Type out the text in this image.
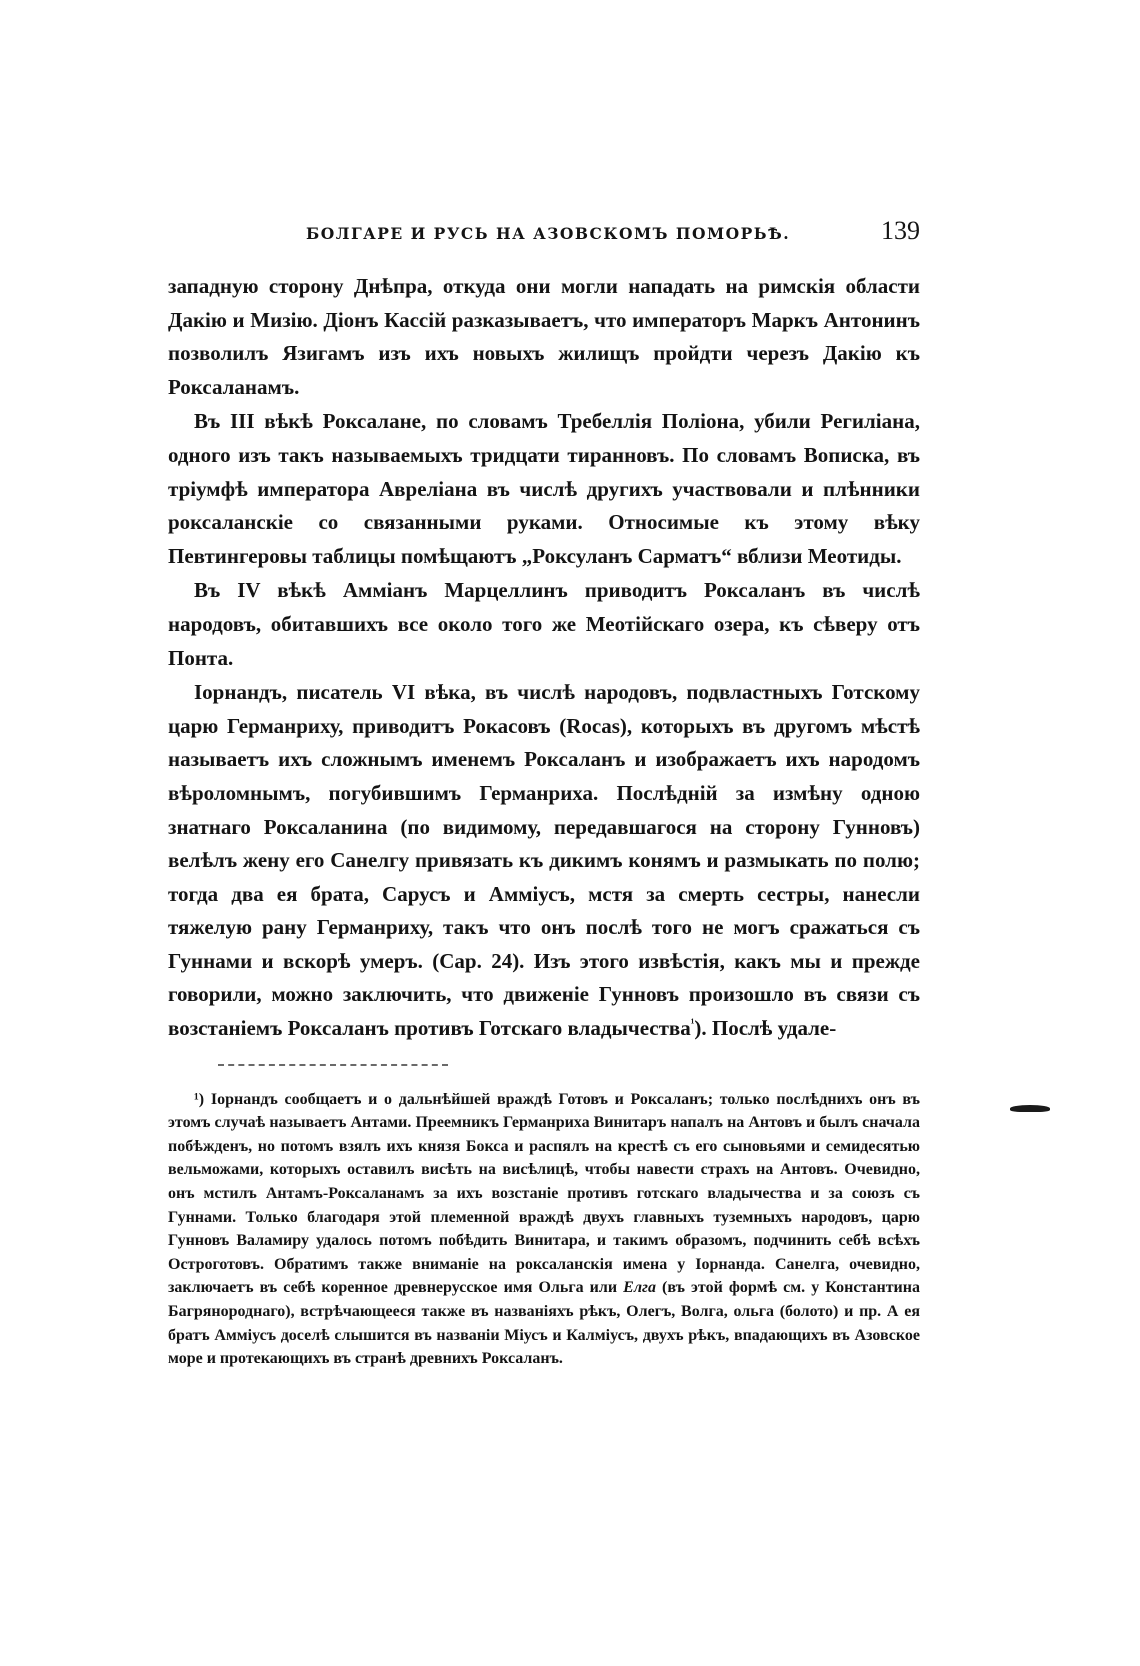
БОЛГАРЕ И РУСЬ НА АЗОВСКОМЪ ПОМОРЬѢ.	139

западную сторону Днѣпра, откуда они могли нападать на римскія области Дакію и Мизію. Діонъ Кассій разказываетъ, что императоръ Маркъ Антонинъ позволилъ Язигамъ изъ ихъ новыхъ жилищъ пройдти черезъ Дакію къ Роксаланамъ.

Въ III вѣкѣ Роксалане, по словамъ Требеллія Поліона, убили Региліана, одного изъ такъ называемыхъ тридцати тиранновъ. По словамъ Вописка, въ тріумфѣ императора Авреліана въ числѣ другихъ участвовали и плѣнники роксаланскіе со связанными руками. Относимые къ этому вѣку Певтингеровы таблицы помѣщаютъ „Роксуланъ Сарматъ“ вблизи Меотиды.

Въ IV вѣкѣ Амміанъ Марцеллинъ приводитъ Роксаланъ въ числѣ народовъ, обитавшихъ все около того же Меотійскаго озера, къ сѣверу отъ Понта.

Іорнандъ, писатель VI вѣка, въ числѣ народовъ, подвластныхъ Готскому царю Германриху, приводитъ Рокасовъ (Rocas), которыхъ въ другомъ мѣстѣ называетъ ихъ сложнымъ именемъ Роксаланъ и изображаетъ ихъ народомъ вѣроломнымъ, погубившимъ Германриха. Послѣдній за измѣну одною знатнаго Роксаланина (по видимому, передавшагося на сторону Гунновъ) велѣлъ жену его Санелгу привязать къ дикимъ конямъ и размыкать по полю; тогда два ея брата, Сарусъ и Амміусъ, мстя за смерть сестры, нанесли тяжелую рану Германриху, такъ что онъ послѣ того не могъ сражаться съ Гуннами и вскорѣ умеръ. (Cap. 24). Изъ этого извѣстія, какъ мы и прежде говорили, можно заключить, что движеніе Гунновъ произошло въ связи съ возстаніемъ Роксаланъ противъ Готскаго владычества$^{^1}$). Послѣ удале-

¹) Іорнандъ сообщаетъ и о дальнѣйшей враждѣ Готовъ и Роксаланъ; только послѣднихъ онъ въ этомъ случаѣ называетъ Антами. Преемникъ Германриха Винитаръ напалъ на Антовъ и былъ сначала побѣжденъ, но потомъ взялъ ихъ князя Бокса и распялъ на крестѣ съ его сыновьями и семидесятью вельможами, которыхъ оставилъ висѣть на висѣлицѣ, чтобы навести страхъ на Антовъ. Очевидно, онъ мстилъ Антамъ-Роксаланамъ за ихъ возстаніе противъ готскаго владычества и за союзъ съ Гуннами. Только благодаря этой племенной враждѣ двухъ главныхъ туземныхъ народовъ, царю Гунновъ Валамиру удалось потомъ побѣдить Винитара, и такимъ образомъ, подчинить себѣ всѣхъ Остроготовъ. Обратимъ также вниманіе на роксаланскія имена у Іорнанда. Санелга, очевидно, заключаетъ въ себѣ коренное древнерусское имя Ольга или Елга (въ этой формѣ см. у Константина Багрянороднаго), встрѣчающееся также въ названіяхъ рѣкъ, Олегъ, Волга, ольга (болото) и пр. А ея братъ Амміусъ доселѣ слышится въ названіи Міусъ и Калміусъ, двухъ рѣкъ, впадающихъ въ Азовское море и протекающихъ въ странѣ древнихъ Роксаланъ.
